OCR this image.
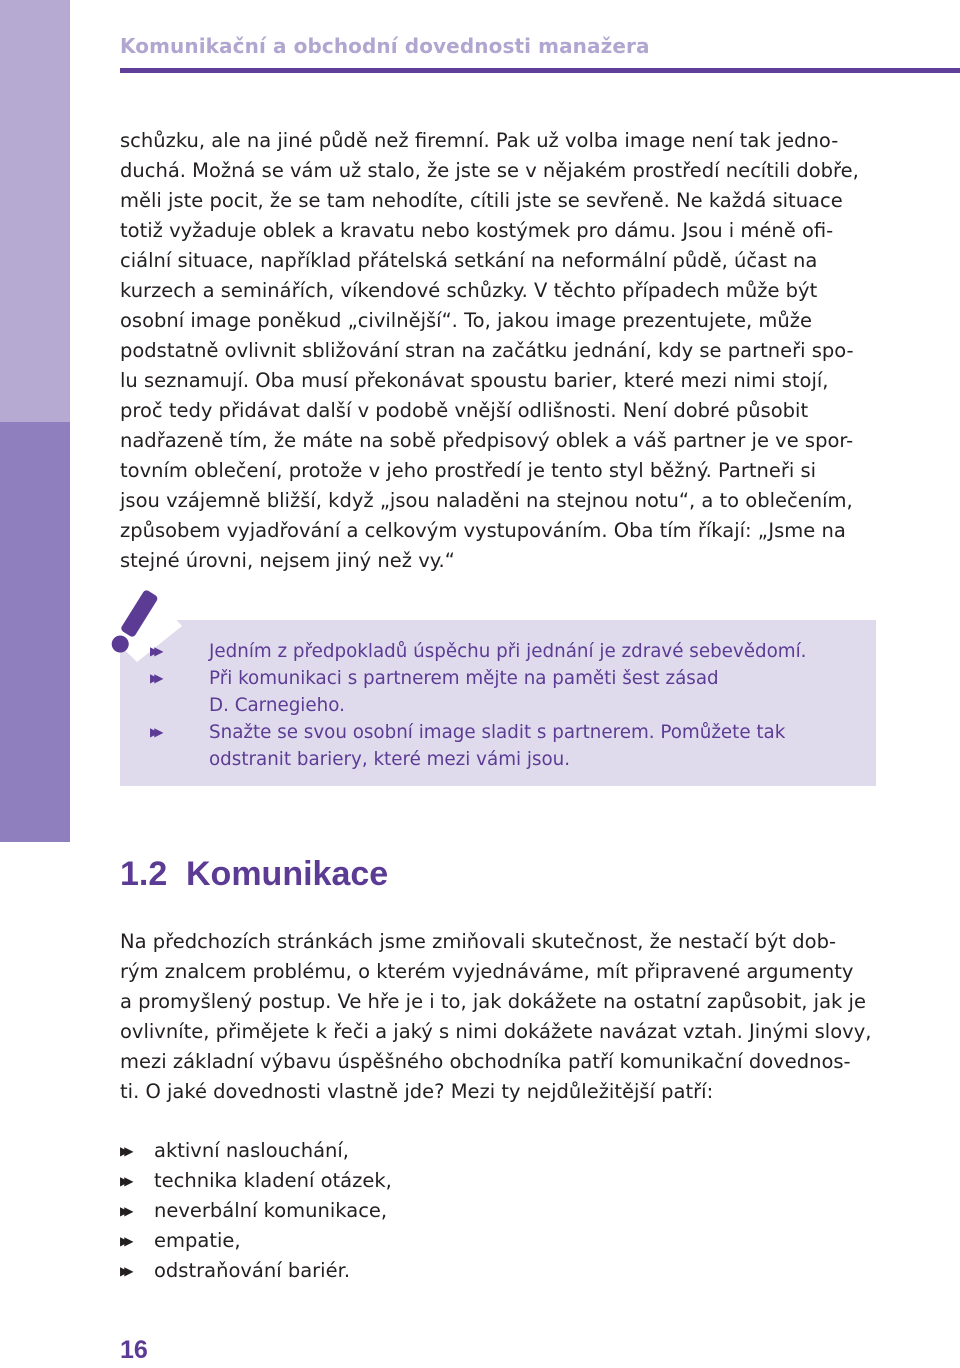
Komunikační a obchodní dovednosti manažera
schůzku, ale na jiné půdě než firemní. Pak už volba image není tak jedno-
duchá. Možná se vám už stalo, že jste se v nějakém prostředí necítili dobře,
měli jste pocit, že se tam nehodíte, cítili jste se sevřeně. Ne každá situace
totiž vyžaduje oblek a kravatu nebo kostýmek pro dámu. Jsou i méně ofi-
ciální situace, například přátelská setkání na neformální půdě, účast na
kurzech a seminářích, víkendové schůzky. V těchto případech může být
osobní image poněkud „civilnější“. To, jakou image prezentujete, může
podstatně ovlivnit sbližování stran na začátku jednání, kdy se partneři spo-
lu seznamují. Oba musí překonávat spoustu barier, které mezi nimi stojí,
proč tedy přidávat další v podobě vnější odlišnosti. Není dobré působit
nadřazeně tím, že máte na sobě předpisový oblek a váš partner je ve spor-
tovním oblečení, protože v jeho prostředí je tento styl běžný. Partneři si
jsou vzájemně bližší, když „jsou naladěni na stejnou notu“, a to oblečením,
způsobem vyjadřování a celkovým vystupováním. Oba tím říkají: „Jsme na
stejné úrovni, nejsem jiný než vy.“
▶▶	Jedním z předpokladů úspěchu při jednání je zdravé sebevědomí.
▶▶	Při komunikaci s partnerem mějte na paměti šest zásad
D. Carnegieho.
▶▶	Snažte se svou osobní image sladit s partnerem. Pomůžete tak
odstranit bariery, které mezi vámi jsou.
1.2 Komunikace
Na předchozích stránkách jsme zmiňovali skutečnost, že nestačí být dob-
rým znalcem problému, o kterém vyjednáváme, mít připravené argumenty
a promyšlený postup. Ve hře je i to, jak dokážete na ostatní zapůsobit, jak je
ovlivníte, přimějete k řeči a jaký s nimi dokážete navázat vztah. Jinými slovy,
mezi základní výbavu úspěšného obchodníka patří komunikační dovednos-
ti. O jaké dovednosti vlastně jde? Mezi ty nejdůležitější patří:
▶▶ aktivní naslouchání,
▶▶ technika kladení otázek,
▶▶ neverbální komunikace,
▶▶ empatie,
▶▶ odstraňování bariér.
16
